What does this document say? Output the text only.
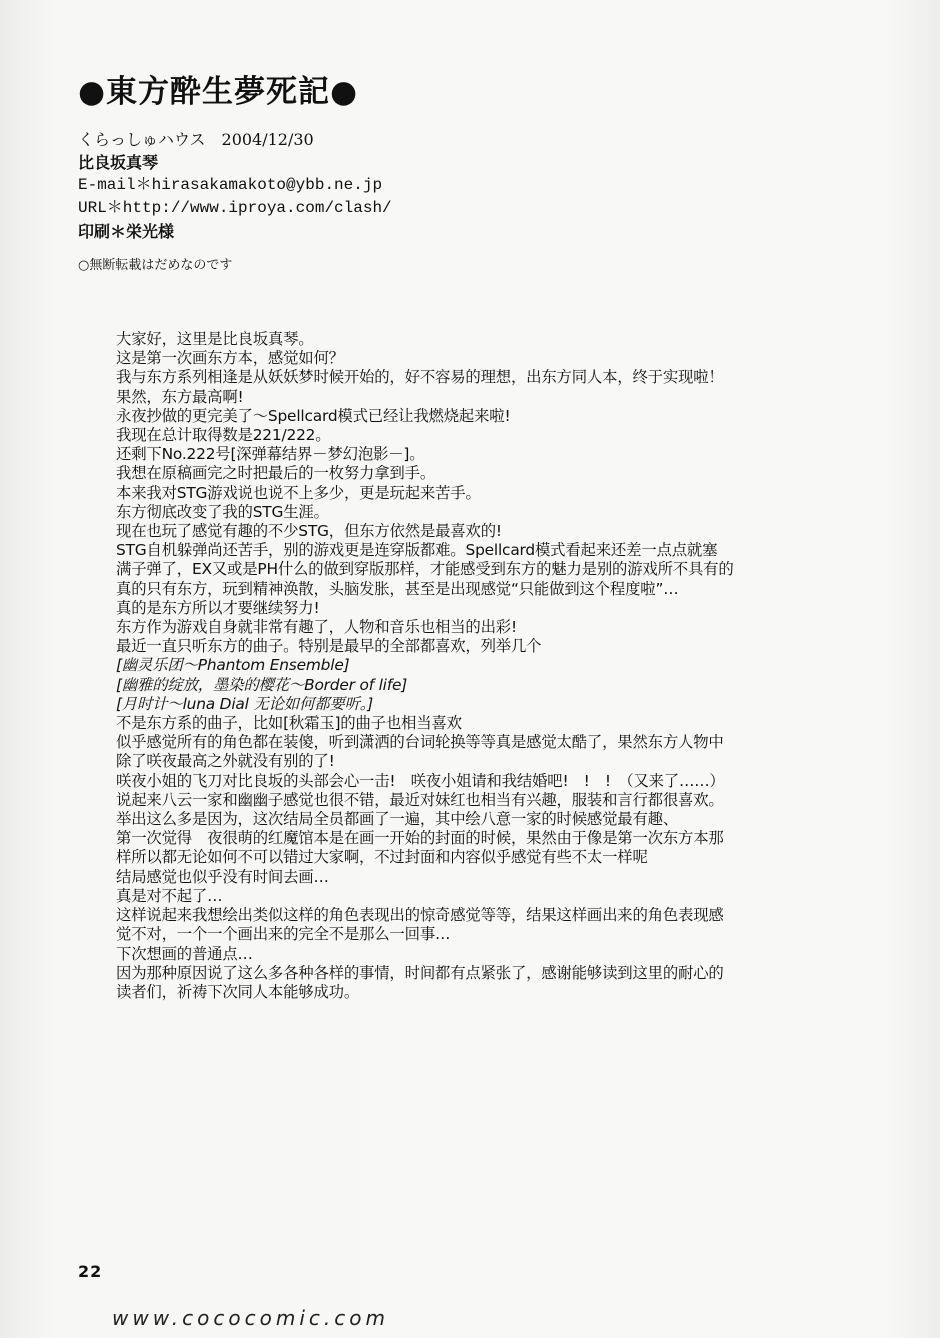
●東方酔生夢死記●
くらっしゅハウス　2004/12/30
比良坂真琴
E-mail＊hirasakamakoto@ybb.ne.jp
URL＊http://www.iproya.com/clash/
印刷＊栄光様
○無断転載はだめなのです
大家好，这里是比良坂真琴。
这是第一次画东方本，感觉如何？
我与东方系列相逢是从妖妖梦时候开始的，好不容易的理想，出东方同人本，终于实现啦！
果然，东方最高啊!
永夜抄做的更完美了～Spellcard模式已经让我燃烧起来啦!
我现在总计取得数是221/222。
还剩下No.222号[深弹幕结界－梦幻泡影－]。
我想在原稿画完之时把最后的一枚努力拿到手。
本来我对STG游戏说也说不上多少，更是玩起来苦手。
东方彻底改变了我的STG生涯。
现在也玩了感觉有趣的不少STG，但东方依然是最喜欢的!
STG自机躲弹尚还苦手，别的游戏更是连穿版都难。Spellcard模式看起来还差一点点就塞
满子弹了，EX又或是PH什么的做到穿版那样，才能感受到东方的魅力是别的游戏所不具有的
真的只有东方，玩到精神涣散，头脑发胀，甚至是出现感觉“只能做到这个程度啦”…
真的是东方所以才要继续努力!
东方作为游戏自身就非常有趣了，人物和音乐也相当的出彩!
最近一直只听东方的曲子。特别是最早的全部都喜欢，列举几个
[幽灵乐团～Phantom Ensemble]
[幽雅的绽放，墨染的樱花～Border of life]
[月时计～luna Dial 无论如何都要听。]
不是东方系的曲子，比如[秋霜玉]的曲子也相当喜欢
似乎感觉所有的角色都在装傻，听到潇洒的台词轮换等等真是感觉太酷了，果然东方人物中
除了咲夜最高之外就没有别的了!
咲夜小姐的飞刀对比良坂的头部会心一击!　咲夜小姐请和我结婚吧!　!　!　（又来了……）
说起来八云一家和幽幽子感觉也很不错，最近对妹红也相当有兴趣，服装和言行都很喜欢。
举出这么多是因为，这次结局全员都画了一遍，其中绘八意一家的时候感觉最有趣、
第一次觉得　夜很萌的红魔馆本是在画一开始的封面的时候，果然由于像是第一次东方本那
样所以都无论如何不可以错过大家啊，不过封面和内容似乎感觉有些不太一样呢
结局感觉也似乎没有时间去画…
真是对不起了…
这样说起来我想绘出类似这样的角色表现出的惊奇感觉等等，结果这样画出来的角色表现感
觉不对，一个一个画出来的完全不是那么一回事…
下次想画的普通点…
因为那种原因说了这么多各种各样的事情，时间都有点紧张了，感谢能够读到这里的耐心的
读者们，祈祷下次同人本能够成功。
22
www.cococomic.com
